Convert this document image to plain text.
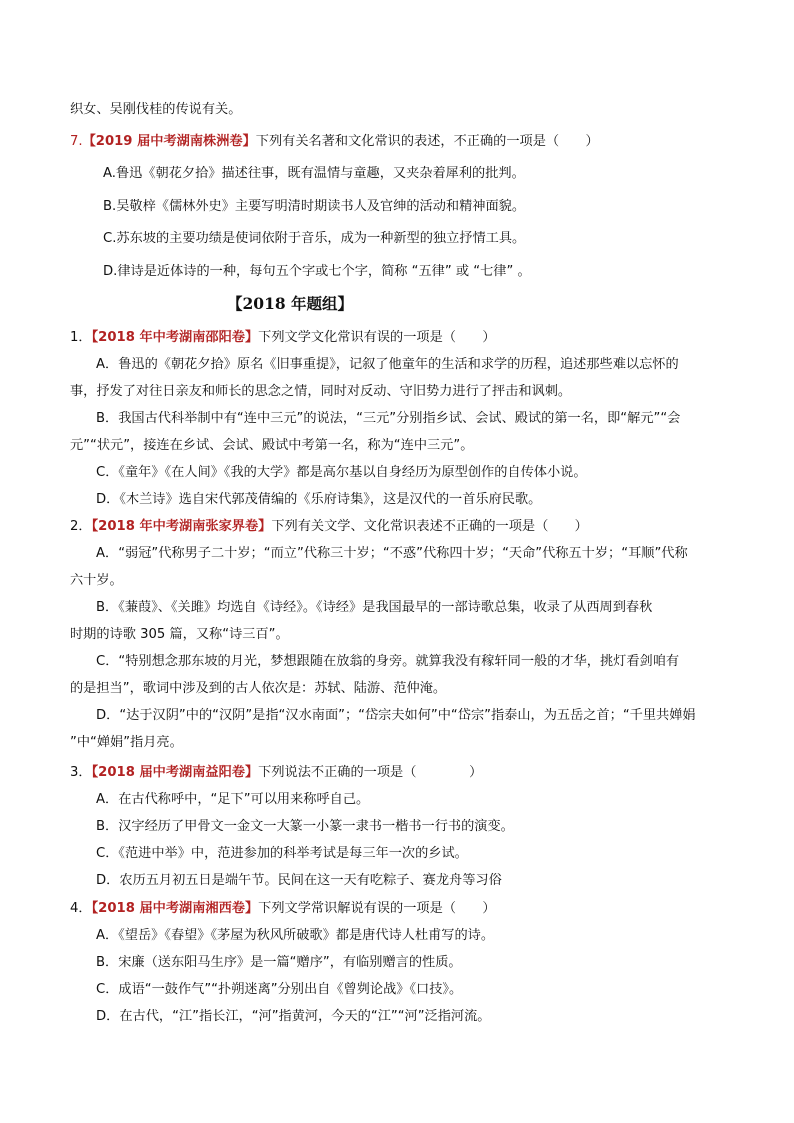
织女、吴刚伐桂的传说有关。
7.【2019 届中考湖南株洲卷】下列有关名著和文化常识的表述，不正确的一项是（　　）
A.鲁迅《朝花夕拾》描述往事，既有温情与童趣，又夹杂着犀利的批判。
B.吴敬梓《儒林外史》主要写明清时期读书人及官绅的活动和精神面貌。
C.苏东坡的主要功绩是使词依附于音乐，成为一种新型的独立抒情工具。
D.律诗是近体诗的一种，每句五个字或七个字，简称 “五律” 或 “七律” 。
【2018 年题组】
1．【2018 年中考湖南邵阳卷】下列文学文化常识有误的一项是（　　）
A．鲁迅的《朝花夕拾》原名《旧事重提》，记叙了他童年的生活和求学的历程，追述那些难以忘怀的
事，抒发了对往日亲友和师长的思念之情，同时对反动、守旧势力进行了抨击和讽刺。
B．我国古代科举制中有“连中三元”的说法，“三元”分别指乡试、会试、殿试的第一名，即“解元”“会
元”“状元”，接连在乡试、会试、殿试中考第一名，称为“连中三元”。
C．《童年》《在人间》《我的大学》都是高尔基以自身经历为原型创作的自传体小说。
D．《木兰诗》选自宋代郭茂倩编的《乐府诗集》，这是汉代的一首乐府民歌。
2．【2018 年中考湖南张家界卷】下列有关文学、文化常识表述不正确的一项是（　　）
A．“弱冠”代称男子二十岁；“而立”代称三十岁；“不惑”代称四十岁；“天命”代称五十岁；“耳顺”代称
六十岁。
B．《蒹葭》、《关雎》均选自《诗经》。《诗经》是我国最早的一部诗歌总集，收录了从西周到春秋
时期的诗歌 305 篇，又称“诗三百”。
C．“特别想念那东坡的月光，梦想跟随在放翁的身旁。就算我没有稼轩同一般的才华，挑灯看剑咱有
的是担当”，歌词中涉及到的古人依次是：苏轼、陆游、范仲淹。
D．“达于汉阴”中的“汉阴”是指“汉水南面”；“岱宗夫如何”中“岱宗”指泰山，为五岳之首；“千里共婵娟
”中“婵娟”指月亮。
3．【2018 届中考湖南益阳卷】下列说法不正确的一项是（　　　　）
A．在古代称呼中，“足下”可以用来称呼自己。
B．汉字经历了甲骨文一金文一大篆一小篆一隶书一楷书一行书的演变。
C．《范进中举》中，范进参加的科举考试是每三年一次的乡试。
D．农历五月初五日是端午节。民间在这一天有吃粽子、赛龙舟等习俗
4．【2018 届中考湖南湘西卷】下列文学常识解说有误的一项是（　　）
A．《望岳》《春望》《茅屋为秋风所破歌》都是唐代诗人杜甫写的诗。
B．宋廉（送东阳马生序》是一篇“赠序”，有临别赠言的性质。
C．成语“一鼓作气”“扑朔迷离”分别出自《曾刿论战》《口技》。
D．在古代，“江”指长江，“河”指黄河，今天的“江”“河”泛指河流。
